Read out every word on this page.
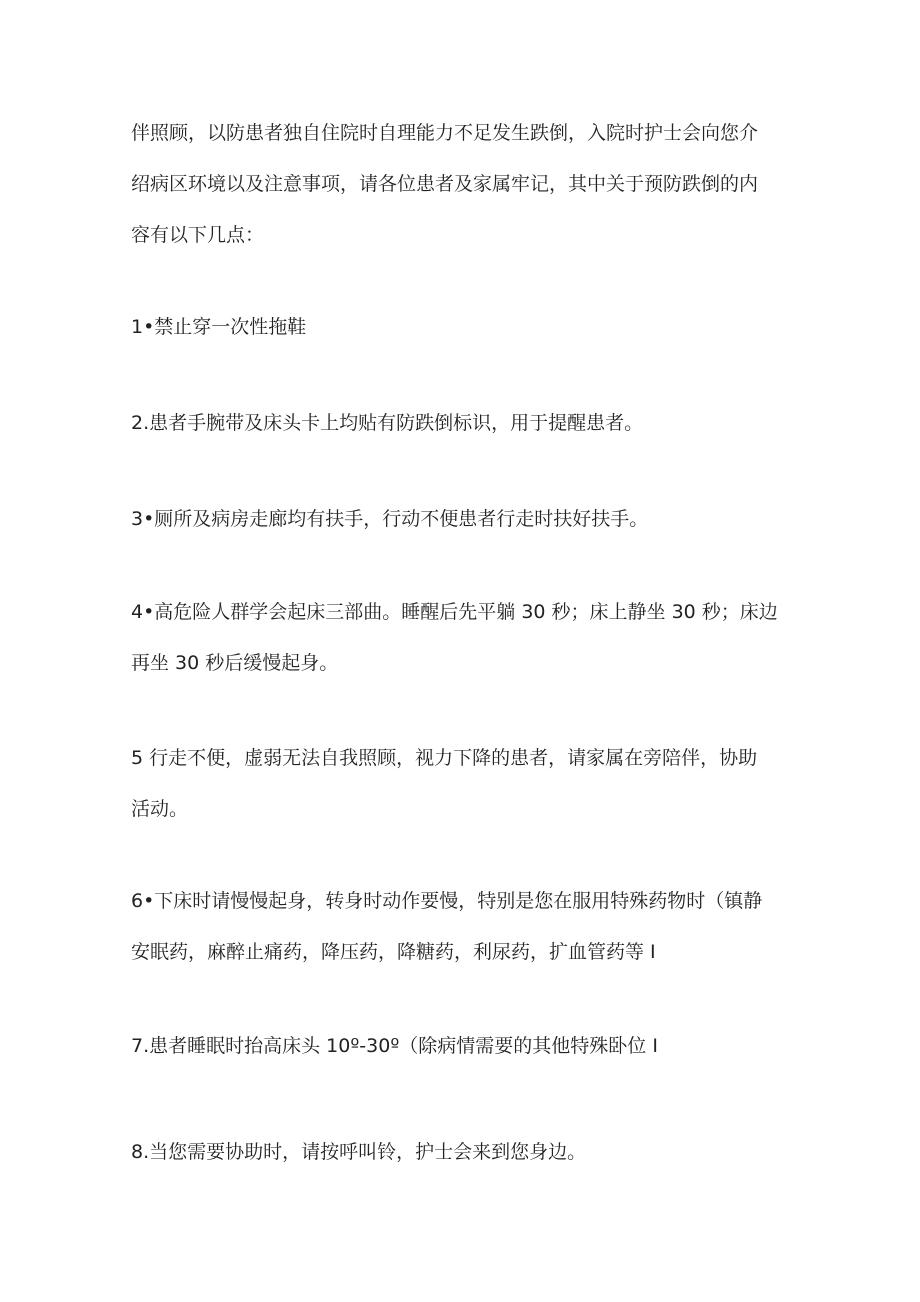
伴照顾，以防患者独自住院时自理能力不足发生跌倒，入院时护士会向您介
绍病区环境以及注意事项，请各位患者及家属牢记，其中关于预防跌倒的内
容有以下几点：

1•禁止穿一次性拖鞋

2.患者手腕带及床头卡上均贴有防跌倒标识，用于提醒患者。

3•厕所及病房走廊均有扶手，行动不便患者行走时扶好扶手。

4•高危险人群学会起床三部曲。睡醒后先平躺 30 秒；床上静坐 30 秒；床边
再坐 30 秒后缓慢起身。

5 行走不便，虚弱无法自我照顾，视力下降的患者，请家属在旁陪伴，协助
活动。

6•下床时请慢慢起身，转身时动作要慢，特别是您在服用特殊药物时（镇静
安眠药，麻醉止痛药，降压药，降糖药，利尿药，扩血管药等 I

7.患者睡眠时抬高床头 10º-30º（除病情需要的其他特殊卧位 I

8.当您需要协助时，请按呼叫铃，护士会来到您身边。
